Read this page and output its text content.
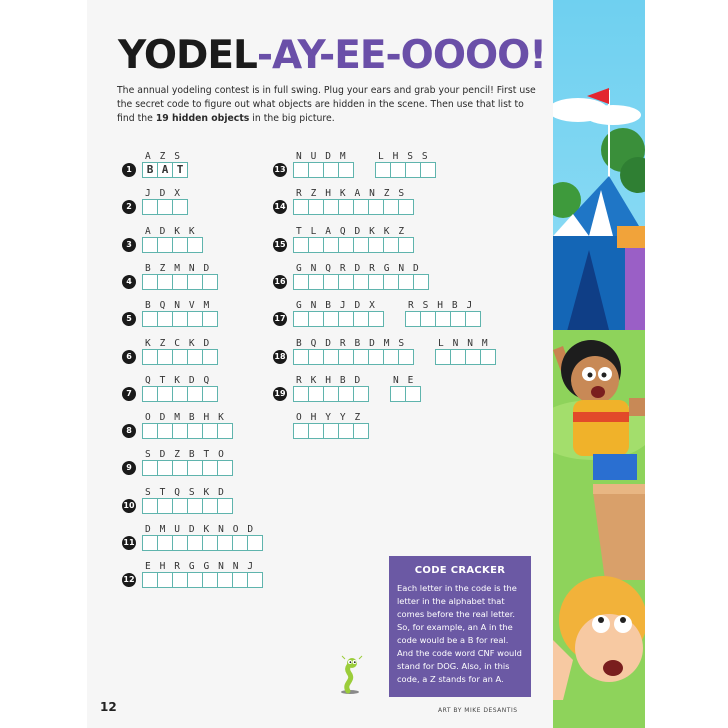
YODEL-AY-EE-OOOO!
The annual yodeling contest is in full swing. Plug your ears and grab your pencil! First use the secret code to figure out what objects are hidden in the scene. Then use that list to find the 19 hidden objects in the big picture.
1
AZS
B A T
2
JDX
3
ADKK
4
BZMND
5
BQNVM
6
KZCKD
7
QTKDQ
8
ODMBHK
9
SDZBTO
10
STQSKD
11
DMUDKNOD
12
EHRGGNNJ
13
NUDM LHSS
14
RZHKANZS
15
TLAQDKKZ
16
GNQRDRGND
17
GNBJDX	RSHBJ
18
BQDRBDMS	LNNM
19
RKHBD	NE
OHYYZ
CODE CRACKER

Each letter in the code is the letter in the alphabet that comes before the real letter. So, for example, an A in the code would be a B for real. And the code word CNF would stand for DOG. Also, in this code, a Z stands for an A.

12	ART BY MIKE DESANTIS
